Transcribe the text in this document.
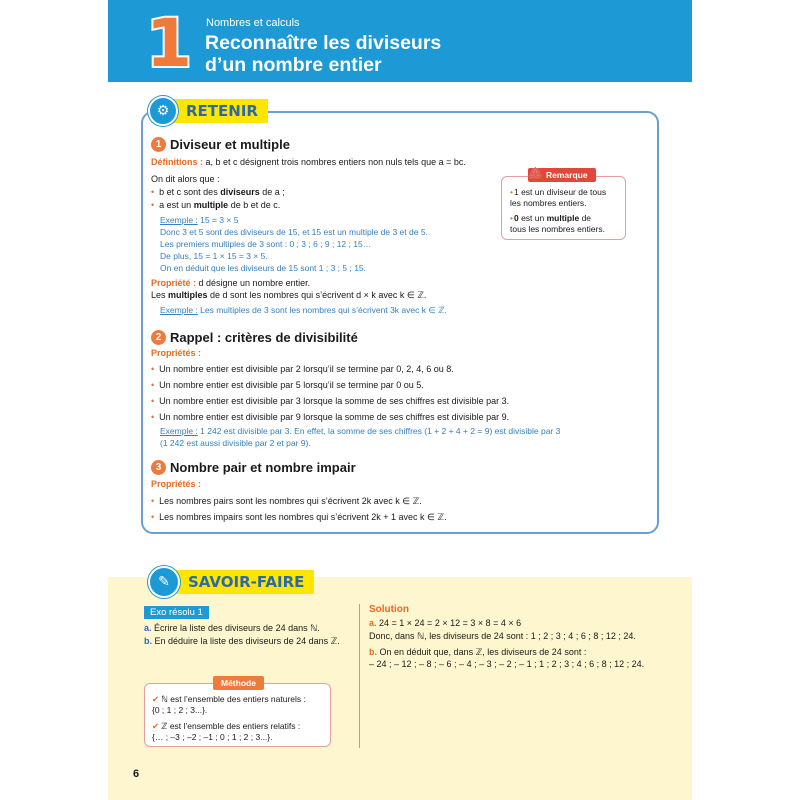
1 Nombres et calculs
Reconnaître les diviseurs
d’un nombre entier
⚙	RETENIR
1 Diviseur et multiple
Définitions : a, b et c désignent trois nombres entiers non nuls tels que a = bc.
On dit alors que :
• b et c sont des diviseurs de a ;
• a est un multiple de b et de c.
Exemple : 15 = 3 × 5
Donc 3 et 5 sont des diviseurs de 15, et 15 est un multiple de 3 et de 5.
Les premiers multiples de 3 sont : 0 ; 3 ; 6 ; 9 ; 12 ; 15…
De plus, 15 = 1 × 15 = 3 × 5.
On en déduit que les diviseurs de 15 sont 1 ; 3 ; 5 ; 15.
Propriété : d désigne un nombre entier.
Les multiples de d sont les nombres qui s’écrivent d × k avec k ∈ ℤ.
Exemple : Les multiples de 3 sont les nombres qui s’écrivent 3k avec k ∈ ℤ.
•1 est un diviseur de tous
les nombres entiers.
•0 est un multiple de
tous les nombres entiers.
Remarque
⚠
2 Rappel : critères de divisibilité
Propriétés :
• Un nombre entier est divisible par 2 lorsqu’il se termine par 0, 2, 4, 6 ou 8.
• Un nombre entier est divisible par 5 lorsqu’il se termine par 0 ou 5.
• Un nombre entier est divisible par 3 lorsque la somme de ses chiffres est divisible par 3.
• Un nombre entier est divisible par 9 lorsque la somme de ses chiffres est divisible par 9.
Exemple : 1 242 est divisible par 3. En effet, la somme de ses chiffres (1 + 2 + 4 + 2 = 9) est divisible par 3
(1 242 est aussi divisible par 2 et par 9).
3 Nombre pair et nombre impair
Propriétés :
• Les nombres pairs sont les nombres qui s’écrivent 2k avec k ∈ ℤ.
• Les nombres impairs sont les nombres qui s’écrivent 2k + 1 avec k ∈ ℤ.
✎	SAVOIR-FAIRE
Exo résolu 1
a. Écrire la liste des diviseurs de 24 dans ℕ.
b. En déduire la liste des diviseurs de 24 dans ℤ.
✔ ℕ est l’ensemble des entiers naturels :
{0 ; 1 ; 2 ; 3...}.
✔ ℤ est l’ensemble des entiers relatifs :
{… ; –3 ; –2 ; –1 ; 0 ; 1 ; 2 ; 3...}.
Méthode
Solution
a. 24 = 1 × 24 = 2 × 12 = 3 × 8 = 4 × 6
Donc, dans ℕ, les diviseurs de 24 sont : 1 ; 2 ; 3 ; 4 ; 6 ; 8 ; 12 ; 24.
b. On en déduit que, dans ℤ, les diviseurs de 24 sont :
– 24 ; – 12 ; – 8 ; – 6 ; – 4 ; – 3 ; – 2 ; – 1 ; 1 ; 2 ; 3 ; 4 ; 6 ; 8 ; 12 ; 24.
6
